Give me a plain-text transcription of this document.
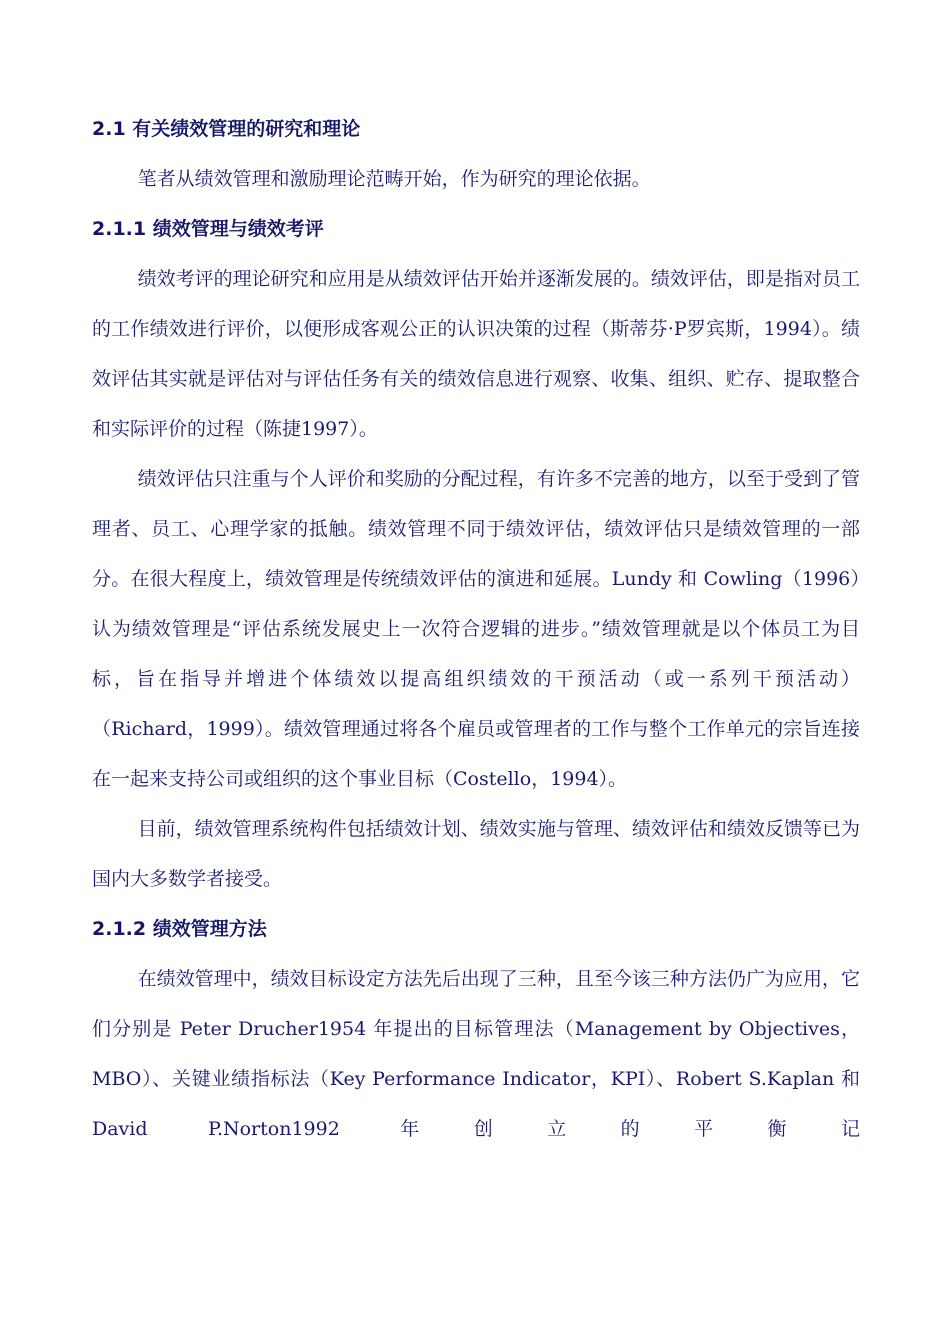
2.1 有关绩效管理的研究和理论

笔者从绩效管理和激励理论范畴开始，作为研究的理论依据。

2.1.1 绩效管理与绩效考评

绩效考评的理论研究和应用是从绩效评估开始并逐渐发展的。绩效评估，即是指对员工的工作绩效进行评价，以便形成客观公正的认识决策的过程（斯蒂芬·P罗宾斯，1994）。绩效评估其实就是评估对与评估任务有关的绩效信息进行观察、收集、组织、贮存、提取整合和实际评价的过程（陈捷1997）。

绩效评估只注重与个人评价和奖励的分配过程，有许多不完善的地方，以至于受到了管理者、员工、心理学家的抵触。绩效管理不同于绩效评估，绩效评估只是绩效管理的一部分。在很大程度上，绩效管理是传统绩效评估的演进和延展。Lundy 和 Cowling（1996）认为绩效管理是“评估系统发展史上一次符合逻辑的进步。”绩效管理就是以个体员工为目标，旨在指导并增进个体绩效以提高组织绩效的干预活动（或一系列干预活动）（Richard，1999）。绩效管理通过将各个雇员或管理者的工作与整个工作单元的宗旨连接在一起来支持公司或组织的这个事业目标（Costello，1994）。

目前，绩效管理系统构件包括绩效计划、绩效实施与管理、绩效评估和绩效反馈等已为国内大多数学者接受。

2.1.2 绩效管理方法

在绩效管理中，绩效目标设定方法先后出现了三种，且至今该三种方法仍广为应用，它们分别是 Peter Drucher1954 年提出的目标管理法（Management by Objectives，MBO）、关键业绩指标法（Key Performance Indicator，KPI）、Robert S.Kaplan 和 David P.Norton1992 年创立的平衡记
